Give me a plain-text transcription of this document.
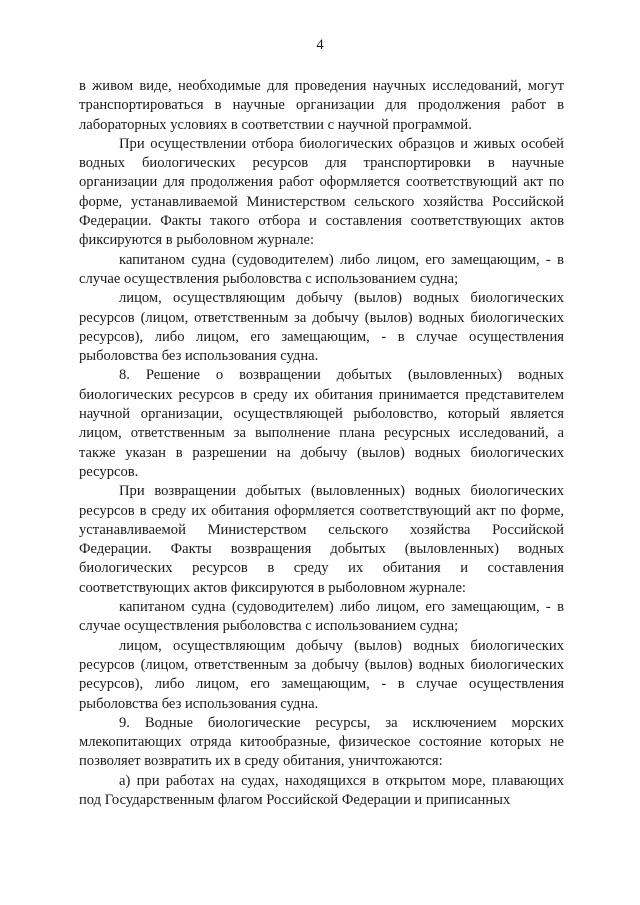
4

в живом виде, необходимые для проведения научных исследований, могут транспортироваться в научные организации для продолжения работ в лабораторных условиях в соответствии с научной программой.

При осуществлении отбора биологических образцов и живых особей водных биологических ресурсов для транспортировки в научные организации для продолжения работ оформляется соответствующий акт по форме, устанавливаемой Министерством сельского хозяйства Российской Федерации. Факты такого отбора и составления соответствующих актов фиксируются в рыболовном журнале:

капитаном судна (судоводителем) либо лицом, его замещающим, - в случае осуществления рыболовства с использованием судна;

лицом, осуществляющим добычу (вылов) водных биологических ресурсов (лицом, ответственным за добычу (вылов) водных биологических ресурсов), либо лицом, его замещающим, - в случае осуществления рыболовства без использования судна.

8. Решение о возвращении добытых (выловленных) водных биологических ресурсов в среду их обитания принимается представителем научной организации, осуществляющей рыболовство, который является лицом, ответственным за выполнение плана ресурсных исследований, а также указан в разрешении на добычу (вылов) водных биологических ресурсов.

При возвращении добытых (выловленных) водных биологических ресурсов в среду их обитания оформляется соответствующий акт по форме, устанавливаемой Министерством сельского хозяйства Российской Федерации. Факты возвращения добытых (выловленных) водных биологических ресурсов в среду их обитания и составления соответствующих актов фиксируются в рыболовном журнале:

капитаном судна (судоводителем) либо лицом, его замещающим, - в случае осуществления рыболовства с использованием судна;

лицом, осуществляющим добычу (вылов) водных биологических ресурсов (лицом, ответственным за добычу (вылов) водных биологических ресурсов), либо лицом, его замещающим, - в случае осуществления рыболовства без использования судна.

9. Водные биологические ресурсы, за исключением морских млекопитающих отряда китообразные, физическое состояние которых не позволяет возвратить их в среду обитания, уничтожаются:

а) при работах на судах, находящихся в открытом море, плавающих под Государственным флагом Российской Федерации и приписанных
